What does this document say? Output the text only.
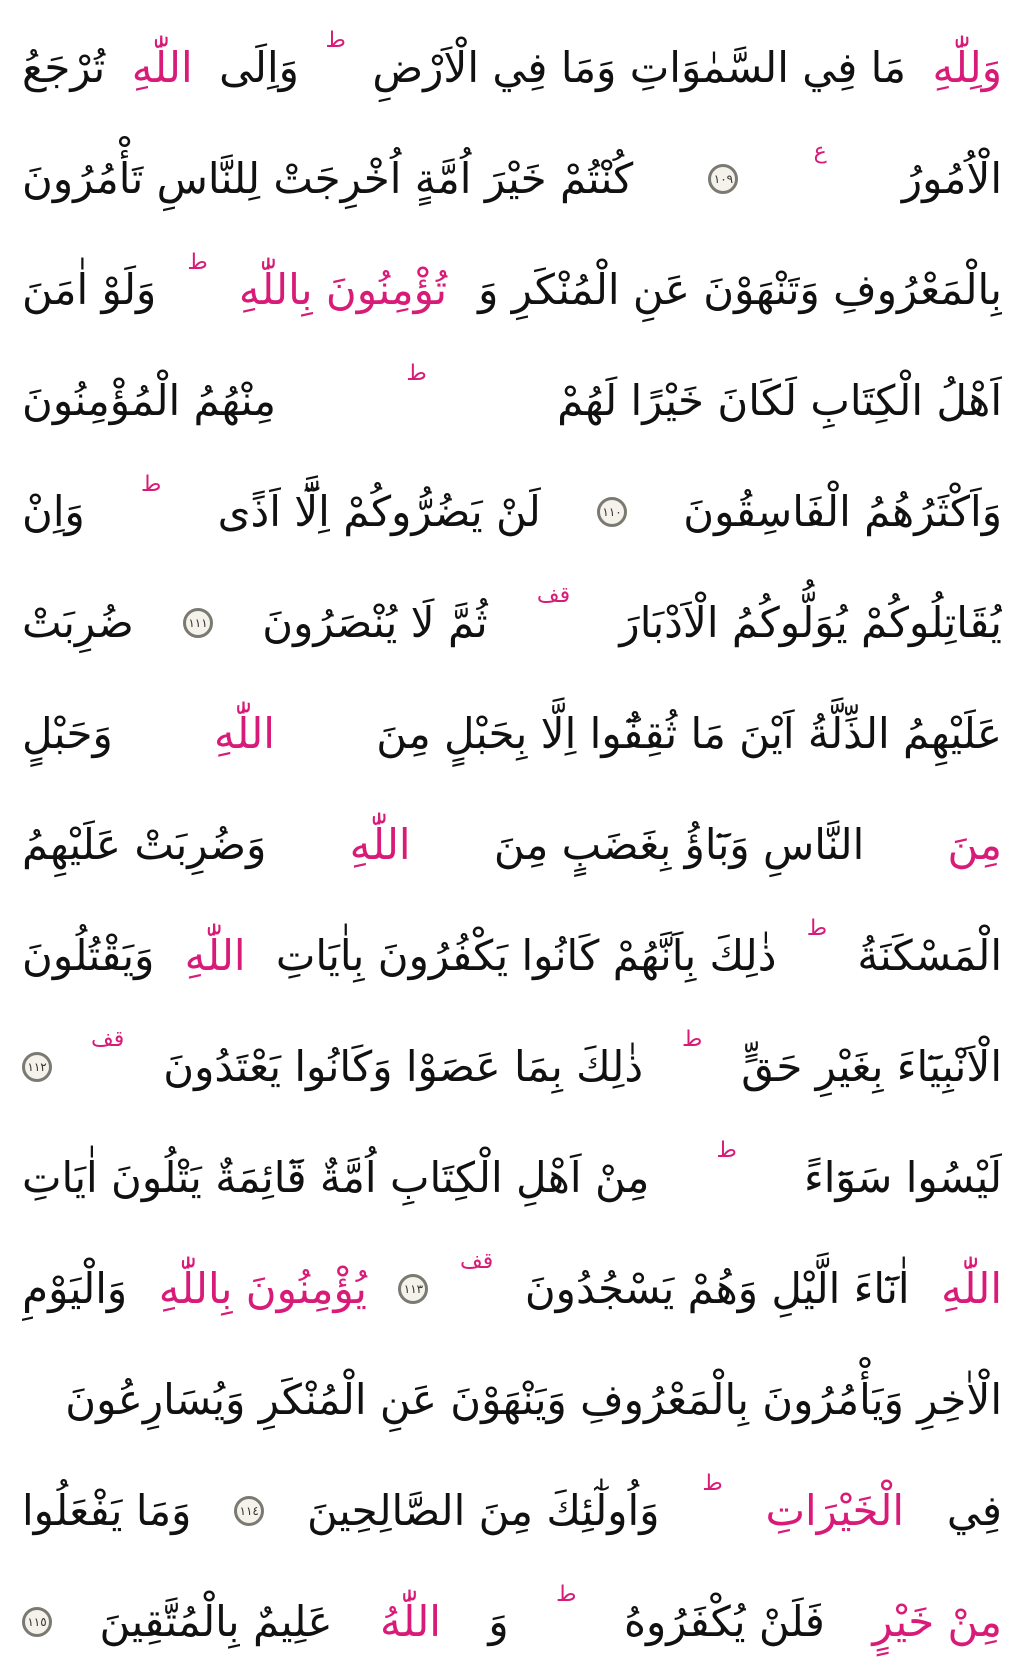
وَلِلّٰهِ
مَا فِي السَّمٰوَاتِ وَمَا فِي الْاَرْضِ
ط
وَاِلَى
اللّٰهِ
تُرْجَعُ
الْاُمُورُ
ع
١٠٩
كُنْتُمْ خَيْرَ اُمَّةٍ اُخْرِجَتْ لِلنَّاسِ تَأْمُرُونَ
بِالْمَعْرُوفِ وَتَنْهَوْنَ عَنِ الْمُنْكَرِ وَ
تُؤْمِنُونَ بِاللّٰهِ
ط
وَلَوْ اٰمَنَ
اَهْلُ الْكِتَابِ لَكَانَ خَيْرًا لَهُمْ
ط
مِنْهُمُ الْمُؤْمِنُونَ
وَاَكْثَرُهُمُ الْفَاسِقُونَ
١١٠
لَنْ يَضُرُّوكُمْ اِلَّٓا اَذًى
ط
وَاِنْ
يُقَاتِلُوكُمْ يُوَلُّوكُمُ الْاَدْبَارَ
قف
ثُمَّ لَا يُنْصَرُونَ
١١١
ضُرِبَتْ
عَلَيْهِمُ الذِّلَّةُ اَيْنَ مَا ثُقِفُٓوا اِلَّا بِحَبْلٍ مِنَ
اللّٰهِ
وَحَبْلٍ
مِنَ
النَّاسِ وَبَٓاؤُ بِغَضَبٍ مِنَ
اللّٰهِ
وَضُرِبَتْ عَلَيْهِمُ
الْمَسْكَنَةُ
ط
ذٰلِكَ بِاَنَّهُمْ كَانُوا يَكْفُرُونَ بِاٰيَاتِ
اللّٰهِ
وَيَقْتُلُونَ
الْاَنْبِيَٓاءَ بِغَيْرِ حَقٍّ
ط
ذٰلِكَ بِمَا عَصَوْا وَكَانُوا يَعْتَدُونَ
قف
١١٢
لَيْسُوا سَوَٓاءً
ط
مِنْ اَهْلِ الْكِتَابِ اُمَّةٌ قَٓائِمَةٌ يَتْلُونَ اٰيَاتِ
اللّٰهِ
اٰنَٓاءَ الَّيْلِ وَهُمْ يَسْجُدُونَ
قف
١١٣
يُؤْمِنُونَ بِاللّٰهِ
وَالْيَوْمِ
الْاٰخِرِ وَيَأْمُرُونَ بِالْمَعْرُوفِ وَيَنْهَوْنَ عَنِ الْمُنْكَرِ وَيُسَارِعُونَ
فِي
الْخَيْرَاتِ
ط
وَاُولٰٓئِكَ مِنَ الصَّالِحِينَ
١١٤
وَمَا يَفْعَلُوا
مِنْ خَيْرٍ
فَلَنْ يُكْفَرُوهُ
ط
وَ
اللّٰهُ
عَلِيمٌ بِالْمُتَّقِينَ
١١٥
